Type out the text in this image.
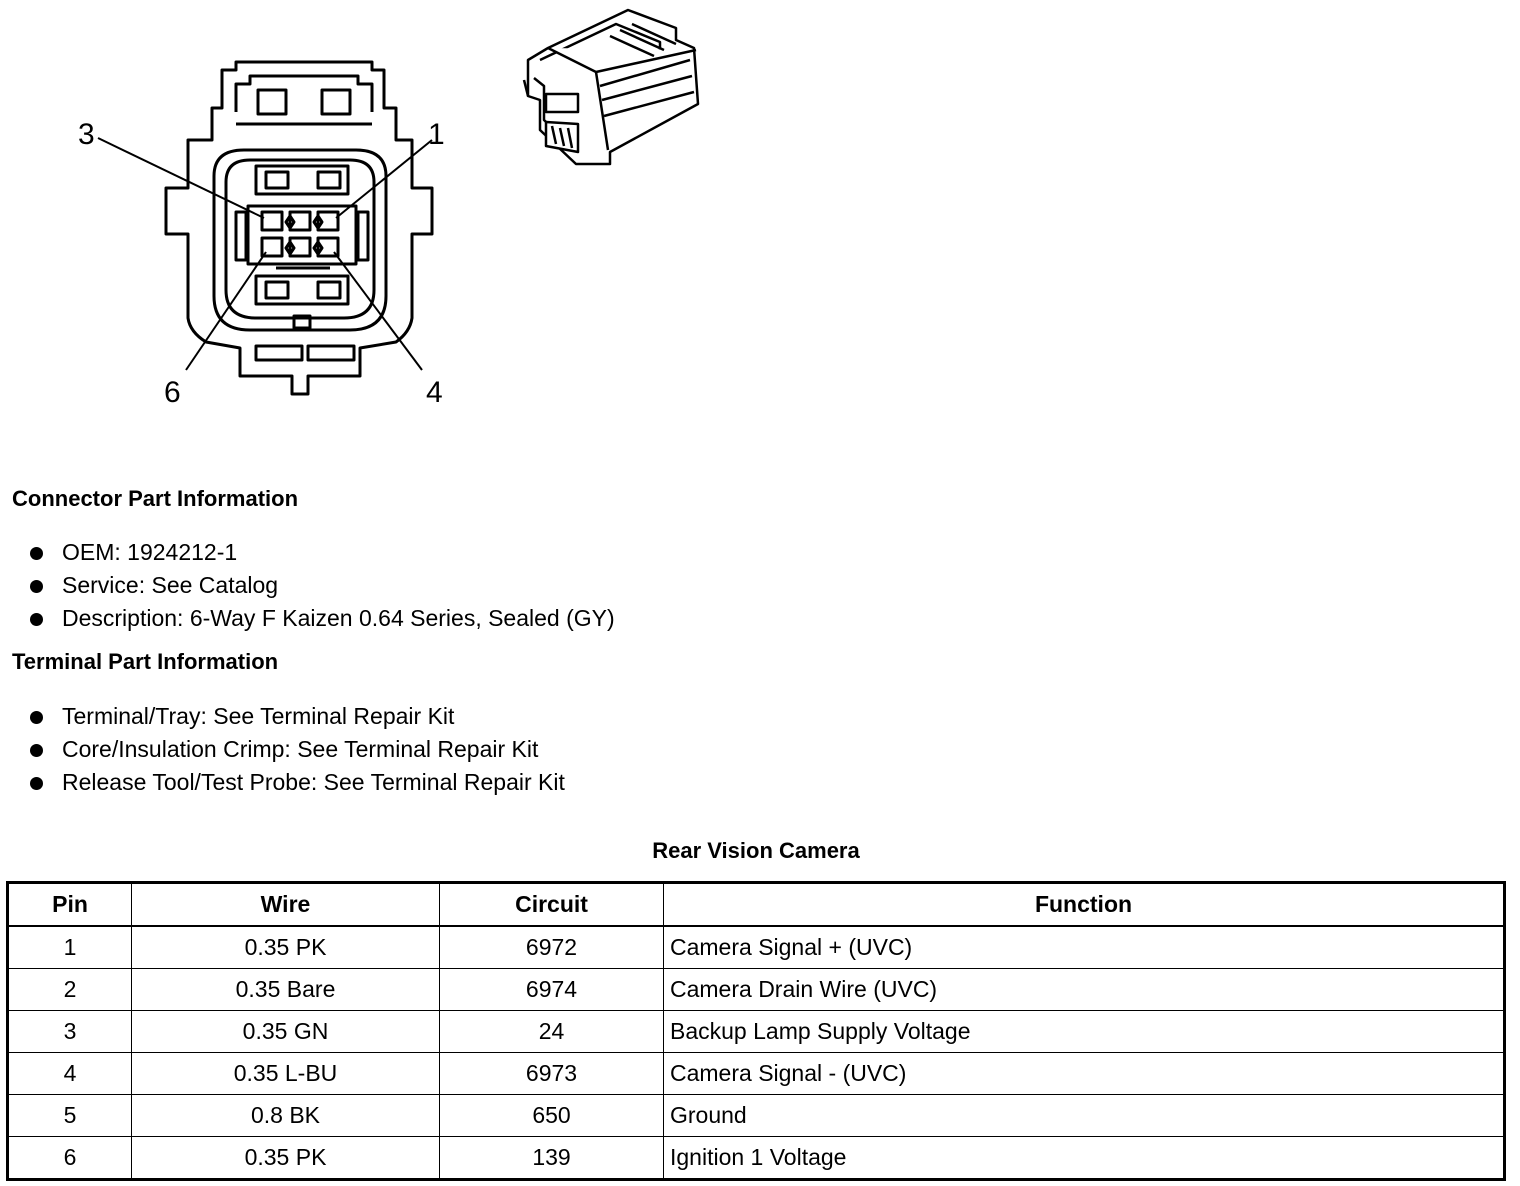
3	1
6	4
Connector Part Information
OEM: 1924212-1
Service: See Catalog
Description: 6-Way F Kaizen 0.64 Series, Sealed (GY)
Terminal Part Information
Terminal/Tray: See Terminal Repair Kit
Core/Insulation Crimp: See Terminal Repair Kit
Release Tool/Test Probe: See Terminal Repair Kit
Rear Vision Camera
Pin	Wire	Circuit	Function
1	0.35 PK	6972	Camera Signal + (UVC)
2	0.35 Bare	6974	Camera Drain Wire (UVC)
3	0.35 GN	24	Backup Lamp Supply Voltage
4	0.35 L-BU	6973	Camera Signal - (UVC)
5	0.8 BK	650	Ground
6	0.35 PK	139	Ignition 1 Voltage
